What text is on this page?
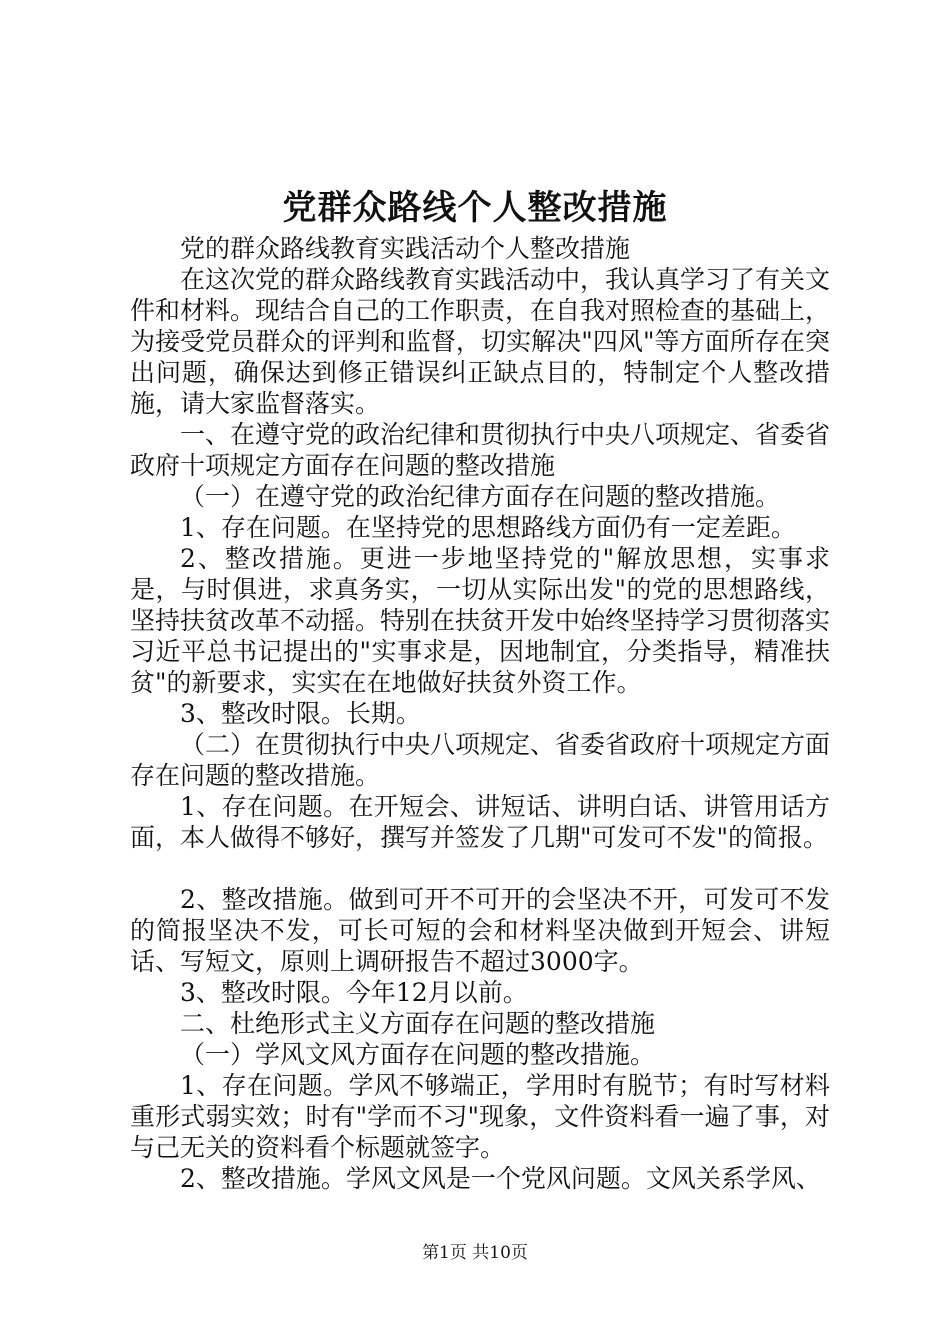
党群众路线个人整改措施

党的群众路线教育实践活动个人整改措施

在这次党的群众路线教育实践活动中，我认真学习了有关文件和材料。现结合自己的工作职责，在自我对照检查的基础上，为接受党员群众的评判和监督，切实解决"四风"等方面所存在突出问题，确保达到修正错误纠正缺点目的，特制定个人整改措施，请大家监督落实。

一、在遵守党的政治纪律和贯彻执行中央八项规定、省委省政府十项规定方面存在问题的整改措施

（一）在遵守党的政治纪律方面存在问题的整改措施。

1、存在问题。在坚持党的思想路线方面仍有一定差距。

2、整改措施。更进一步地坚持党的"解放思想，实事求是，与时俱进，求真务实，一切从实际出发"的党的思想路线，坚持扶贫改革不动摇。特别在扶贫开发中始终坚持学习贯彻落实习近平总书记提出的"实事求是，因地制宜，分类指导，精准扶贫"的新要求，实实在在地做好扶贫外资工作。

3、整改时限。长期。

（二）在贯彻执行中央八项规定、省委省政府十项规定方面存在问题的整改措施。

1、存在问题。在开短会、讲短话、讲明白话、讲管用话方面，本人做得不够好，撰写并签发了几期"可发可不发"的简报。

2、整改措施。做到可开不可开的会坚决不开，可发可不发的简报坚决不发，可长可短的会和材料坚决做到开短会、讲短话、写短文，原则上调研报告不超过3000字。

3、整改时限。今年12月以前。

二、杜绝形式主义方面存在问题的整改措施

（一）学风文风方面存在问题的整改措施。

1、存在问题。学风不够端正，学用时有脱节；有时写材料重形式弱实效；时有"学而不习"现象，文件资料看一遍了事，对与己无关的资料看个标题就签字。

2、整改措施。学风文风是一个党风问题。文风关系学风、

第1页 共10页
